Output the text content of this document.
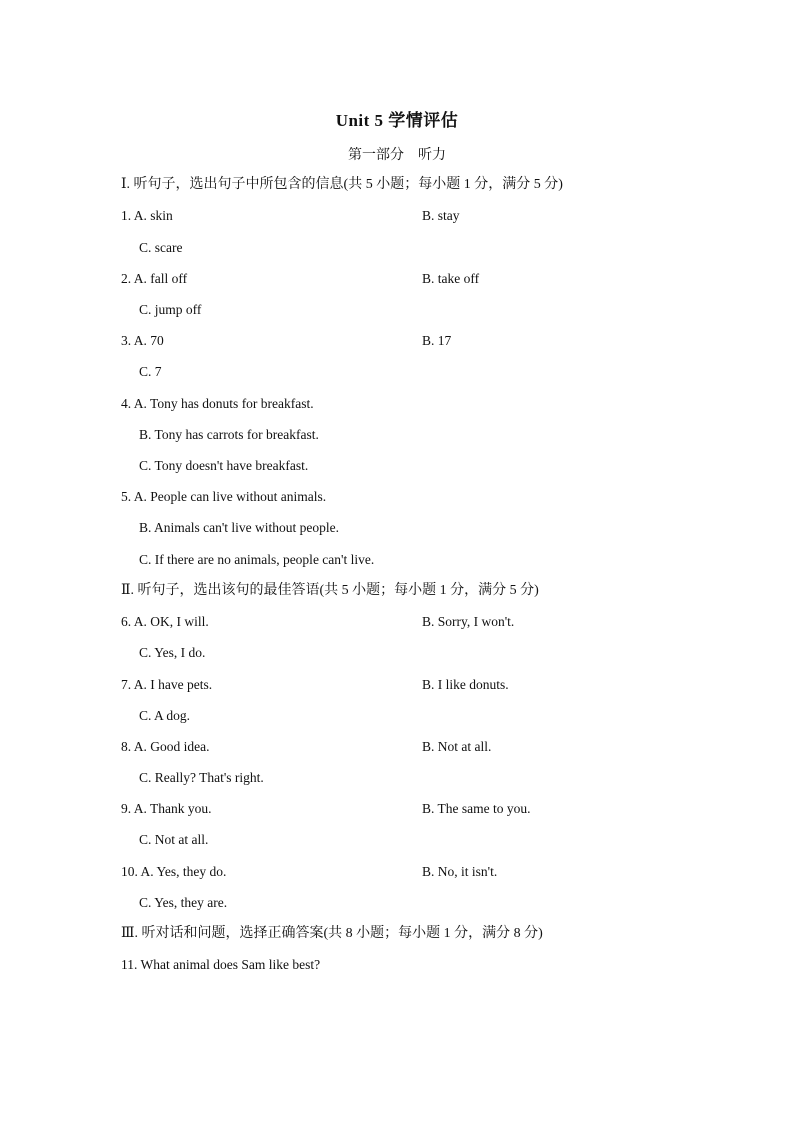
Unit 5 学情评估
第一部分　听力
Ⅰ. 听句子，选出句子中所包含的信息(共 5 小题；每小题 1 分，满分 5 分)
1. A. skin	B. stay
C. scare
2. A. fall off	B. take off
C. jump off
3. A. 70	B. 17
C. 7
4. A. Tony has donuts for breakfast.
B. Tony has carrots for breakfast.
C. Tony doesn't have breakfast.
5. A. People can live without animals.
B. Animals can't live without people.
C. If there are no animals, people can't live.
Ⅱ. 听句子，选出该句的最佳答语(共 5 小题；每小题 1 分，满分 5 分)
6. A. OK, I will.	B. Sorry, I won't.
C. Yes, I do.
7. A. I have pets.	B. I like donuts.
C. A dog.
8. A. Good idea.	B. Not at all.
C. Really? That's right.
9. A. Thank you.	B. The same to you.
C. Not at all.
10. A. Yes, they do.	B. No, it isn't.
C. Yes, they are.
Ⅲ. 听对话和问题，选择正确答案(共 8 小题；每小题 1 分，满分 8 分)
11. What animal does Sam like best?
